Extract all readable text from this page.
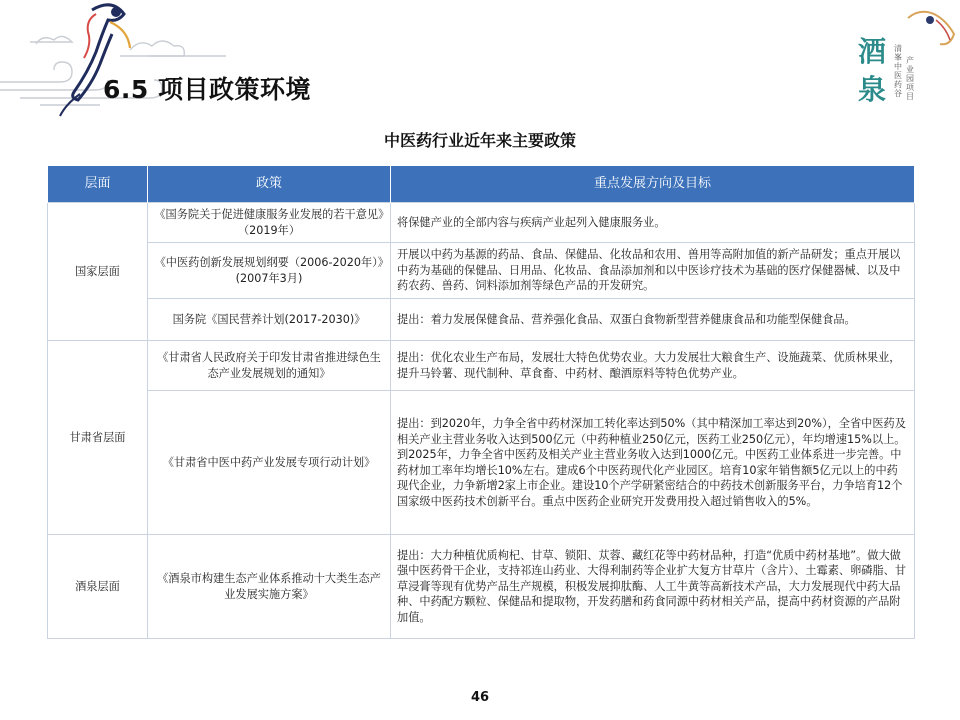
酒
泉
清峯中医药谷
产业园项目
6.5 项目政策环境
中医药行业近年来主要政策
层面	政策	重点发展方向及目标
国家层面	《国务院关于促进健康服务业发展的若干意见》（2019年）	将保健产业的全部内容与疾病产业起列入健康服务业。
	《中医药创新发展规划纲要（2006-2020年）》(2007年3月)	开展以中药为基源的药品、食品、保健品、化妆品和农用、兽用等高附加值的新产品研发；重点开展以中药为基础的保健品、日用品、化妆品、食品添加剂和以中医诊疗技术为基础的医疗保健器械、以及中药农药、兽药、饲料添加剂等绿色产品的开发研究。
	国务院《国民营养计划(2017-2030)》	提出：着力发展保健食品、营养强化食品、双蛋白食物新型营养健康食品和功能型保健食品。
甘肃省层面	《甘肃省人民政府关于印发甘肃省推进绿色生态产业发展规划的通知》	提出：优化农业生产布局，发展壮大特色优势农业。大力发展壮大粮食生产、设施蔬菜、优质林果业，提升马铃薯、现代制种、草食畜、中药材、酿酒原料等特色优势产业。
	《甘肃省中医中药产业发展专项行动计划》	提出：到2020年，力争全省中药材深加工转化率达到50%（其中精深加工率达到20%），全省中医药及相关产业主营业务收入达到500亿元（中药种植业250亿元，医药工业250亿元），年均增速15%以上。到2025年，力争全省中医药及相关产业主营业务收入达到1000亿元。中医药工业体系进一步完善。中药材加工率年均增长10%左右。建成6个中医药现代化产业园区。培育10家年销售额5亿元以上的中药现代企业，力争新增2家上市企业。建设10个产学研紧密结合的中药技术创新服务平台，力争培育12个国家级中医药技术创新平台。重点中医药企业研究开发费用投入超过销售收入的5%。
酒泉层面	《酒泉市构建生态产业体系推动十大类生态产业发展实施方案》	提出：大力种植优质枸杞、甘草、锁阳、苁蓉、藏红花等中药材品种，打造“优质中药材基地”。做大做强中医药骨干企业，支持祁连山药业、大得利制药等企业扩大复方甘草片（含片）、土霉素、卵磷脂、甘草浸膏等现有优势产品生产规模，积极发展抑肽酶、人工牛黄等高新技术产品，大力发展现代中药大品种、中药配方颗粒、保健品和提取物，开发药膳和药食同源中药材相关产品，提高中药材资源的产品附加值。
46
